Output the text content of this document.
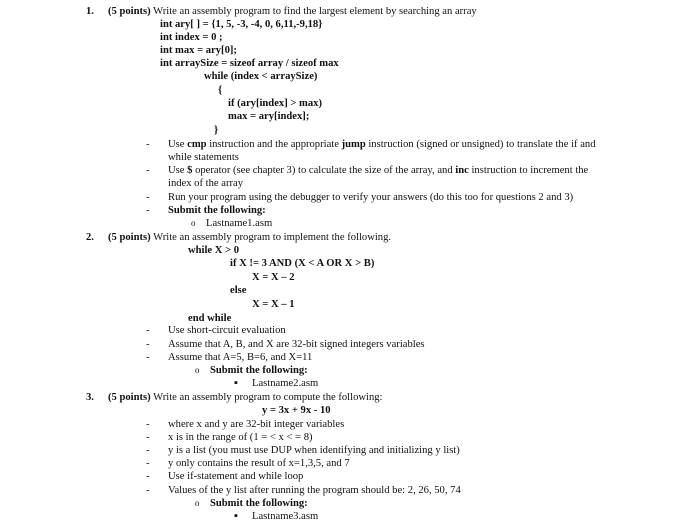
1. (5 points) Write an assembly program to find the largest element by searching an array
int ary[ ] = {1, 5, -3, -4, 0, 6,11,-9,18}
int index = 0 ;
int max = ary[0];
int arraySize = sizeof array / sizeof max
while (index < arraySize)
{
if (ary[index] > max)
max = ary[index];
}
- Use cmp instruction and the appropriate jump instruction (signed or unsigned) to translate the if and
while statements
- Use $ operator (see chapter 3) to calculate the size of the array, and inc instruction to increment the
index of the array
- Run your program using the debugger to verify your answers (do this too for questions 2 and 3)
- Submit the following:
o Lastname1.asm
2. (5 points) Write an assembly program to implement the following.
while X > 0
if X != 3 AND (X < A OR X > B)
X = X – 2
else
X = X – 1
end while
- Use short-circuit evaluation
- Assume that A, B, and X are 32-bit signed integers variables
- Assume that A=5, B=6, and X=11
o Submit the following:
▪ Lastname2.asm
3. (5 points) Write an assembly program to compute the following:
y = 3x + 9x - 10
- where x and y are 32-bit integer variables
- x is in the range of (1 = < x < = 8)
- y is a list (you must use DUP when identifying and initializing y list)
- y only contains the result of x=1,3,5, and 7
- Use if-statement and while loop
- Values of the y list after running the program should be: 2, 26, 50, 74
o Submit the following:
▪ Lastname3.asm
